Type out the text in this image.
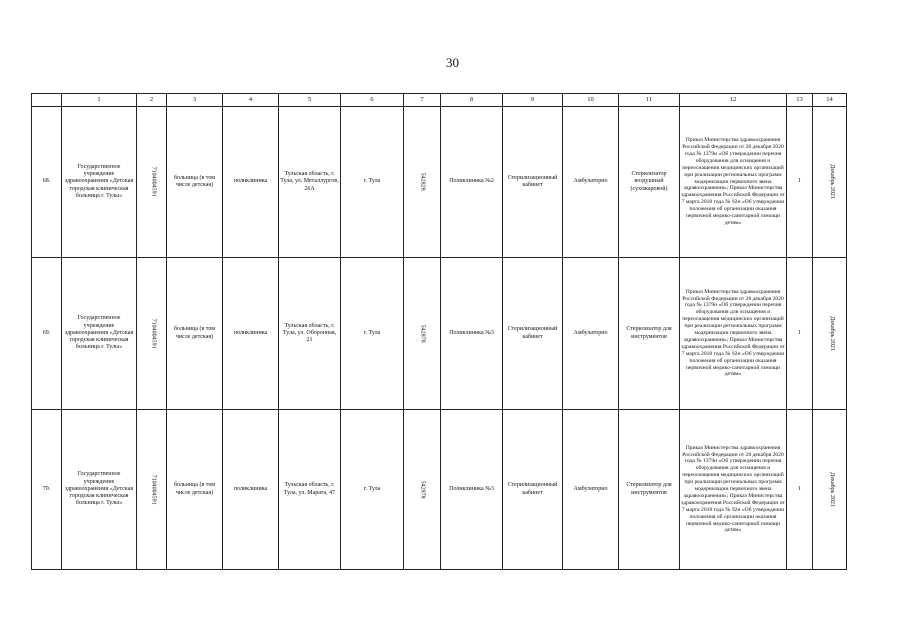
30
	1	2	3	4	5	6	7	8	9	10	11	12	13	14
68.	Государственное учреждение здравоохранения «Детская городская клиническая больница г. Тулы»	7104004591	больница (в том числе детская)	поликлиника	Тульская область, г. Тула, ул. Металлургов, 26А	г. Тула	542828	Поликлиника №2	Стерилизационный кабинет	Амбулаторно	Стерилизатор воздушный (сухожаровой)	Приказ Министерства здравоохранения Российской Федерации от 28 декабря 2020 года № 1379н «Об утверждении перечня оборудования для оснащения и переоснащения медицинских организаций при реализации региональных программ модернизации первичного звена здравоохранения»; Приказ Министерства здравоохранения Российской Федерации от 7 марта 2018 года № 92н «Об утверждении положения об организации оказания первичной медико-санитарной помощи детям»	1	Декабрь 2021
69.	Государственное учреждение здравоохранения «Детская городская клиническая больница г. Тулы»	7104004591	больница (в том числе детская)	поликлиника	Тульская область, г. Тула, ул. Оборонная, 21	г. Тула	542878	Поликлиника №3	Стерилизационный кабинет	Амбулаторно	Стерилизатор для инструментов	Приказ Министерства здравоохранения Российской Федерации от 28 декабря 2020 года № 1379н «Об утверждении перечня оборудования для оснащения и переоснащения медицинских организаций при реализации региональных программ модернизации первичного звена здравоохранения»; Приказ Министерства здравоохранения Российской Федерации от 7 марта 2018 года № 92н «Об утверждении положения об организации оказания первичной медико-санитарной помощи детям»	1	Декабрь 2021
70.	Государственное учреждение здравоохранения «Детская городская клиническая больница г. Тулы»	7104004591	больница (в том числе детская)	поликлиника	Тульская область, г. Тула, ул. Марата, 47	г. Тула	542878	Поликлиника №3	Стерилизационный кабинет	Амбулаторно	Стерилизатор для инструментов	Приказ Министерства здравоохранения Российской Федерации от 28 декабря 2020 года № 1379н «Об утверждении перечня оборудования для оснащения и переоснащения медицинских организаций при реализации региональных программ модернизации первичного звена здравоохранения»; Приказ Министерства здравоохранения Российской Федерации от 7 марта 2018 года № 92н «Об утверждении положения об организации оказания первичной медико-санитарной помощи детям»	1	Декабрь 2021
